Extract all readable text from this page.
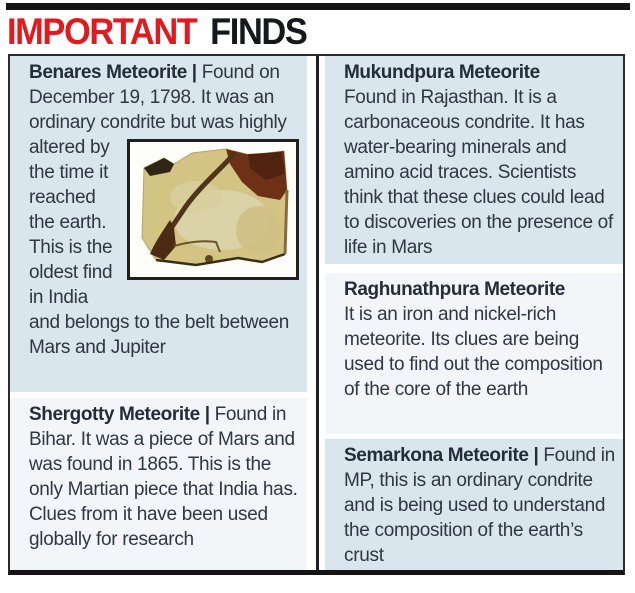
IMPORTANT FINDS
Benares Meteorite | Found on December 19, 1798. It was an ordinary condrite but was highly altered by the time it reached the earth. This is the oldest find in India and belongs to the belt between Mars and Jupiter
Shergotty Meteorite | Found in Bihar. It was a piece of Mars and was found in 1865. This is the only Martian piece that India has. Clues from it have been used globally for research
Mukundpura Meteorite
Found in Rajasthan. It is a carbonaceous condrite. It has water-bearing minerals and amino acid traces. Scientists think that these clues could lead to discoveries on the presence of life in Mars
Raghunathpura Meteorite
It is an iron and nickel-rich meteorite. Its clues are being used to find out the composition of the core of the earth
Semarkona Meteorite | Found in MP, this is an ordinary condrite and is being used to understand the composition of the earth’s crust
